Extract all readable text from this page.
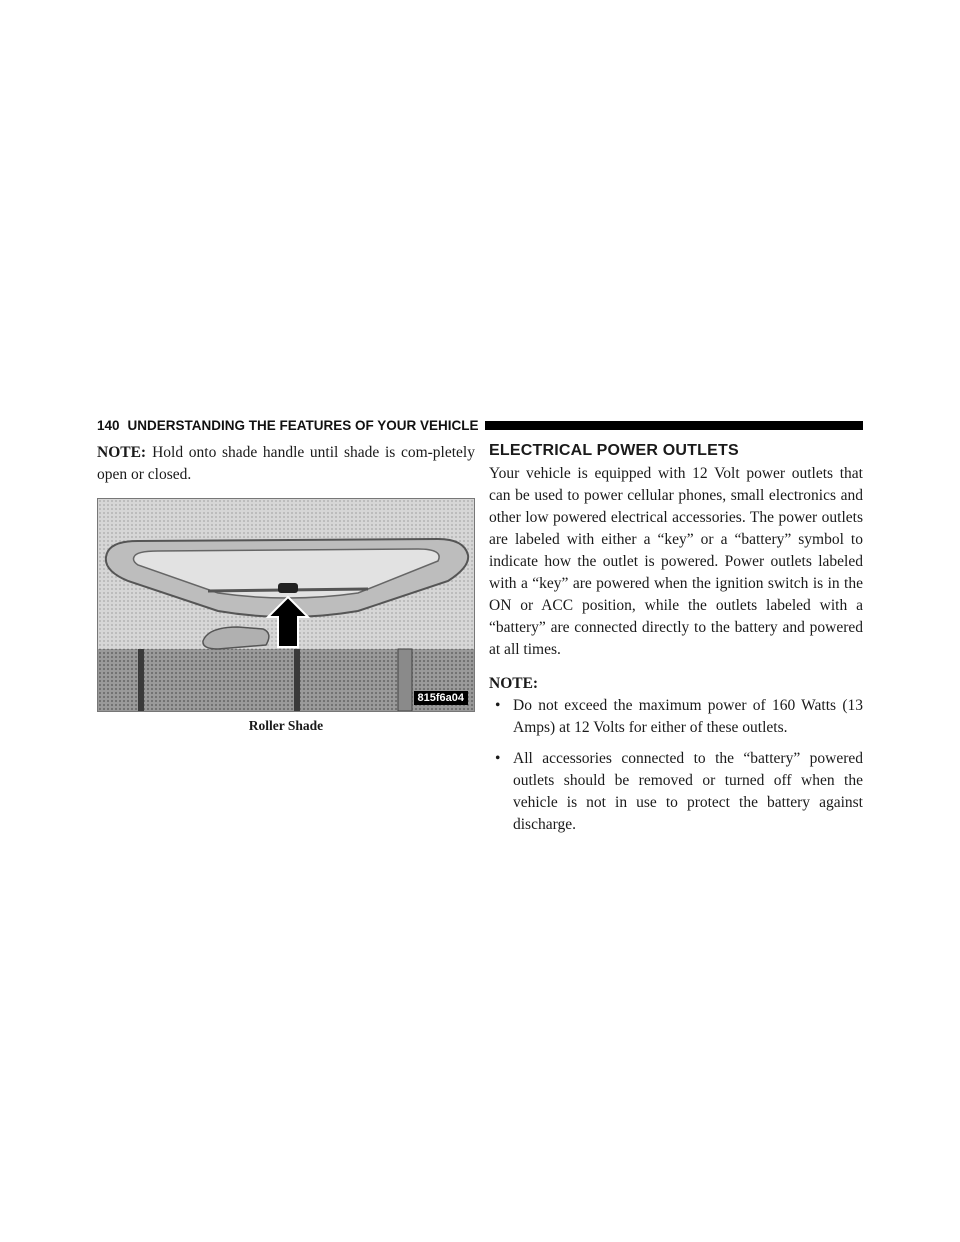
140 UNDERSTANDING THE FEATURES OF YOUR VEHICLE

NOTE: Hold onto shade handle until shade is com-pletely open or closed.

815f6a04
Roller Shade
ELECTRICAL POWER OUTLETS

Your vehicle is equipped with 12 Volt power outlets that can be used to power cellular phones, small electronics and other low powered electrical accessories. The power outlets are labeled with either a “key” or a “battery” symbol to indicate how the outlet is powered. Power outlets labeled with a “key” are powered when the ignition switch is in the ON or ACC position, while the outlets labeled with a “battery” are connected directly to the battery and powered at all times.

NOTE:
• Do not exceed the maximum power of 160 Watts (13 Amps) at 12 Volts for either of these outlets.
• All accessories connected to the “battery” powered outlets should be removed or turned off when the vehicle is not in use to protect the battery against discharge.
